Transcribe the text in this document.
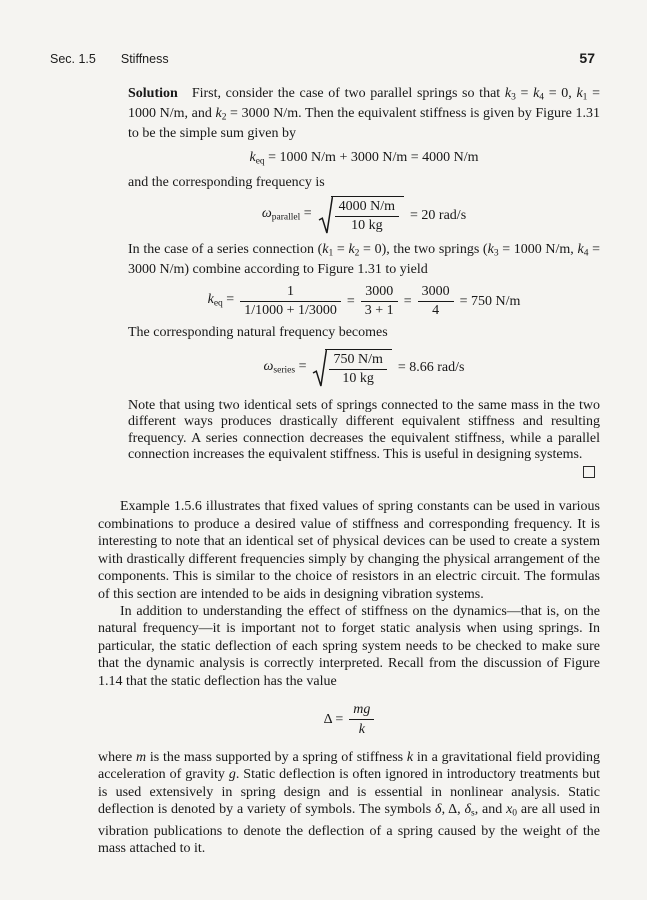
Sec. 1.5 Stiffness	57

Solution  First, consider the case of two parallel springs so that k3 = k4 = 0, k1 = 1000 N/m, and k2 = 3000 N/m. Then the equivalent stiffness is given by Figure 1.31 to be the simple sum given by

keq = 1000 N/m + 3000 N/m = 4000 N/m

and the corresponding frequency is

ωparallel = $\frac{4000 N/m}{10 kg} = 20$ rad/s

In the case of a series connection (k1 = k2 = 0), the two springs (k3 = 1000 N/m, k4 = 3000 N/m) combine according to Figure 1.31 to yield

keq = $\frac{1}{1/1000 + 1/3000} = \frac{3000}{3 + 1} = \frac{3000}{4} = 750$ N/m

The corresponding natural frequency becomes

ωseries = $\frac{750 N/m}{10 kg} = 8.66$ rad/s

Note that using two identical sets of springs connected to the same mass in the two different ways produces drastically different equivalent stiffness and resulting frequency. A series connection decreases the equivalent stiffness, while a parallel connection increases the equivalent stiffness. This is useful in designing systems.

Example 1.5.6 illustrates that fixed values of spring constants can be used in various combinations to produce a desired value of stiffness and corresponding frequency. It is interesting to note that an identical set of physical devices can be used to create a system with drastically different frequencies simply by changing the physical arrangement of the components. This is similar to the choice of resistors in an electric circuit. The formulas of this section are intended to be aids in designing vibration systems.

In addition to understanding the effect of stiffness on the dynamics—that is, on the natural frequency—it is important not to forget static analysis when using springs. In particular, the static deflection of each spring system needs to be checked to make sure that the dynamic analysis is correctly interpreted. Recall from the discussion of Figure 1.14 that the static deflection has the value

$\Delta = \frac{mg}{k}$

where m is the mass supported by a spring of stiffness k in a gravitational field providing acceleration of gravity g. Static deflection is often ignored in introductory treatments but is used extensively in spring design and is essential in nonlinear analysis. Static deflection is denoted by a variety of symbols. The symbols δ, Δ, δs, and x0 are all used in vibration publications to denote the deflection of a spring caused by the weight of the mass attached to it.
